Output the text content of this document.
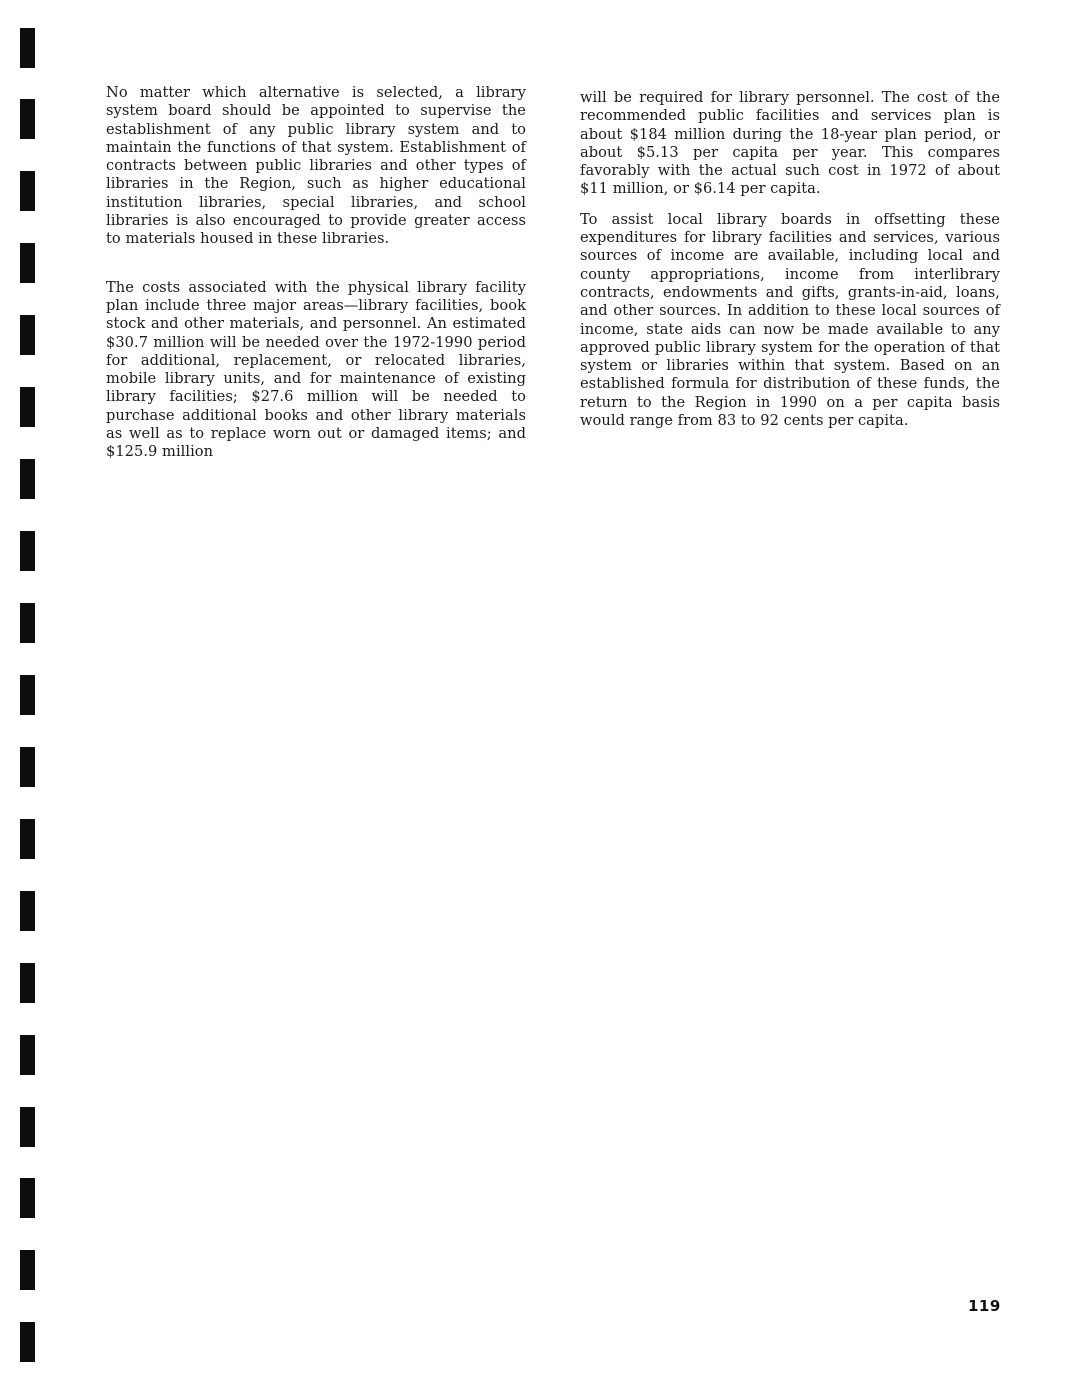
No matter which alternative is selected, a library system board should be appointed to supervise the establishment of any public library system and to maintain the functions of that system. Establishment of contracts between public libraries and other types of libraries in the Region, such as higher educational institution libraries, special libraries, and school libraries is also encouraged to provide greater access to materials housed in these libraries.

The costs associated with the physical library facility plan include three major areas—library facilities, book stock and other materials, and personnel. An estimated $30.7 million will be needed over the 1972-1990 period for additional, replacement, or relocated libraries, mobile library units, and for maintenance of existing library facilities; $27.6 million will be needed to purchase additional books and other library materials as well as to replace worn out or damaged items; and $125.9 million

will be required for library personnel. The cost of the recommended public facilities and services plan is about $184 million during the 18-year plan period, or about $5.13 per capita per year. This compares favorably with the actual such cost in 1972 of about $11 million, or $6.14 per capita.

To assist local library boards in offsetting these expenditures for library facilities and services, various sources of income are available, including local and county appropriations, income from interlibrary contracts, endowments and gifts, grants-in-aid, loans, and other sources. In addition to these local sources of income, state aids can now be made available to any approved public library system for the operation of that system or libraries within that system. Based on an established formula for distribution of these funds, the return to the Region in 1990 on a per capita basis would range from 83 to 92 cents per capita.

119
